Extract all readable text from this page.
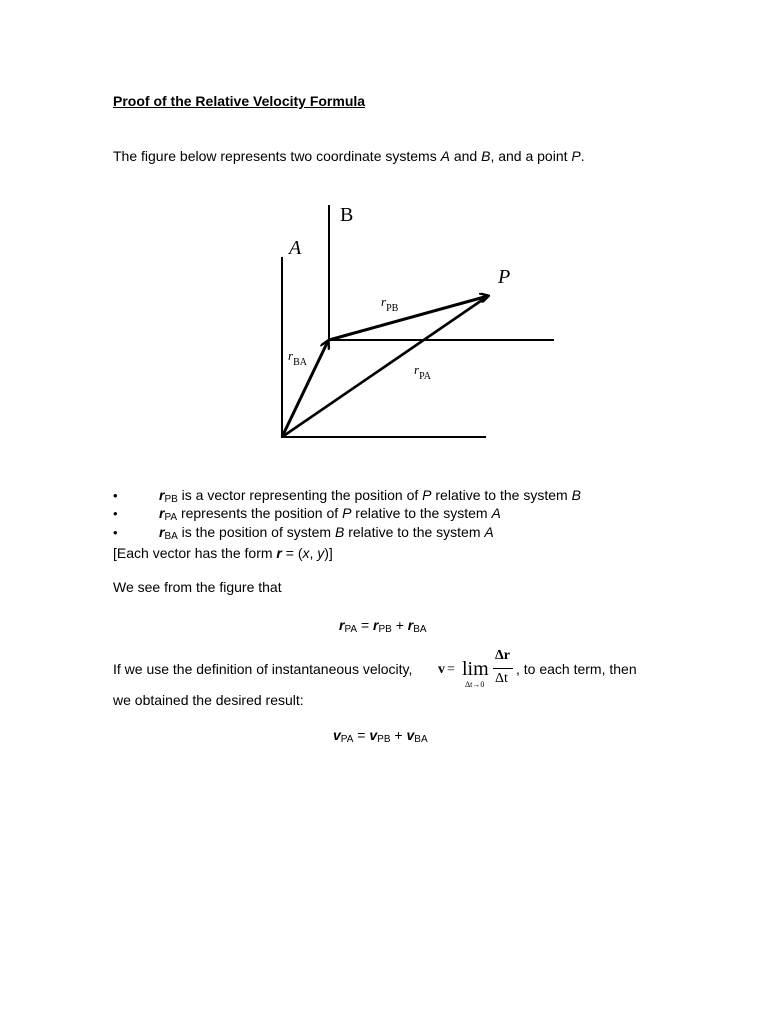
Proof of the Relative Velocity Formula
The figure below represents two coordinate systems A and B, and a point P.
A
B
P
$r_{PB}$
$r_{BA}$	$r_{PA}$
•	$r_{PB}$ is a vector representing the position of P relative to the system B
•	$r_{PA}$ represents the position of P relative to the system A
•	$r_{BA}$ is the position of system B relative to the system A
[Each vector has the form r = (x, y)]
We see from the figure that
$r_{PA} = r_{PB} + r_{BA}$
If we use the definition of instantaneous velocity, v = lim
Δt→0
Δr
Δt
, to each term, then
we obtained the desired result:
$v_{PA} = v_{PB} + v_{BA}$
